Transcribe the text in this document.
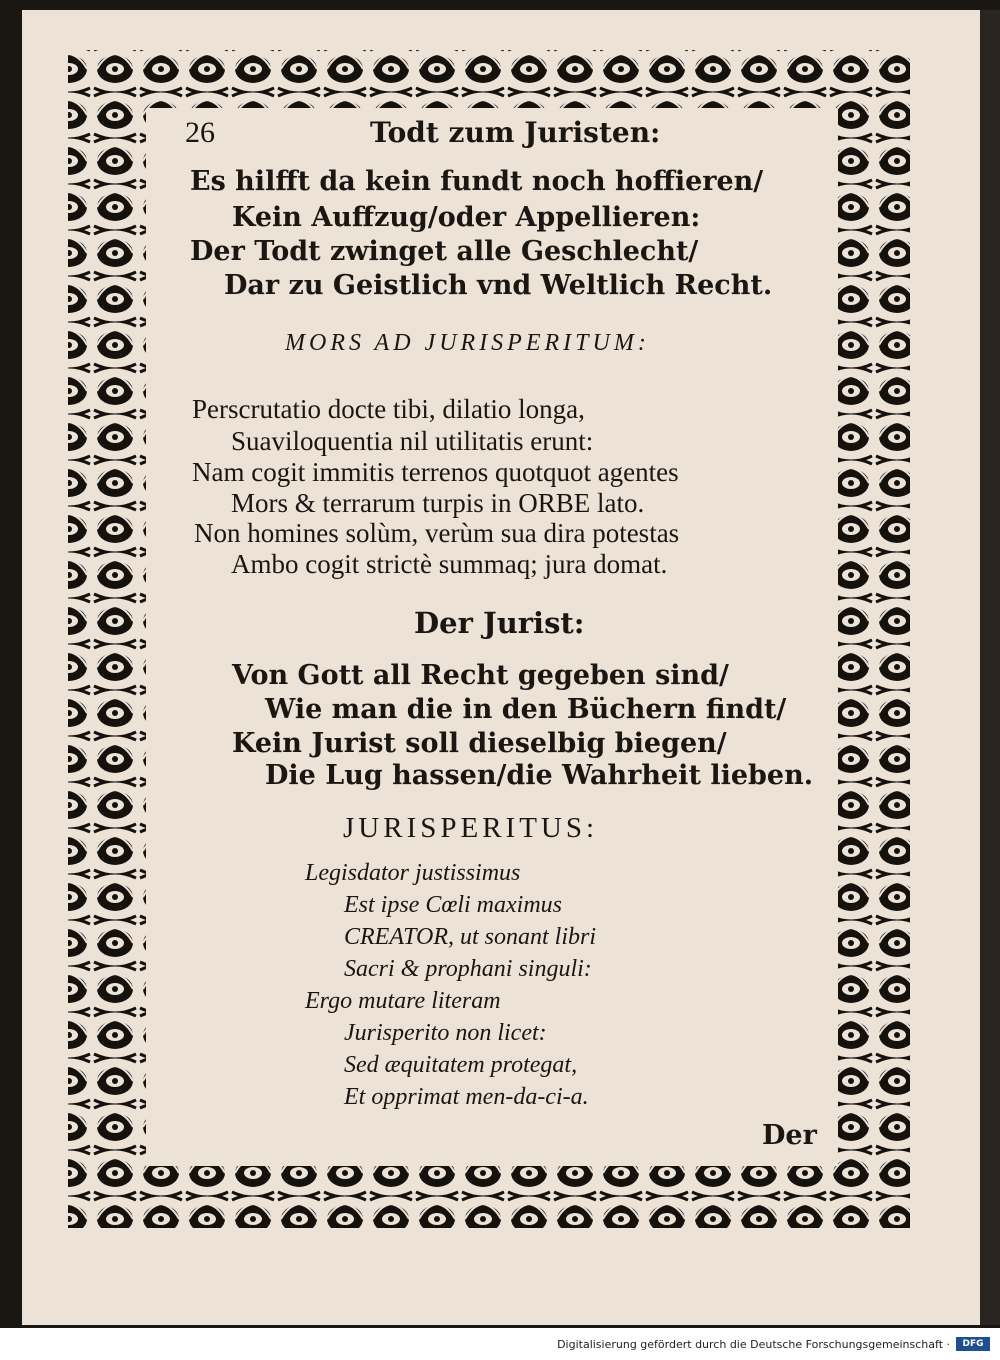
26	Todt zum Juristen:
Es hilfft da kein fundt noch hoffieren/
Kein Auffzug/oder Appellieren:
Der Todt zwinget alle Geschlecht/
Dar zu Geistlich vnd Weltlich Recht.
MORS AD JURISPERITUM:
Perscrutatio docte tibi, dilatio longa,
Suaviloquentia nil utilitatis erunt:
Nam cogit immitis terrenos quotquot agentes
Mors & terrarum turpis in ORBE lato.
Non homines solùm, verùm sua dira potestas
Ambo cogit strictè summaq; jura domat.
Der Jurist:
Von Gott all Recht gegeben sind/
Wie man die in den Büchern findt/
Kein Jurist soll dieselbig biegen/
Die Lug hassen/die Wahrheit lieben.
JURISPERITUS:
Legisdator justissimus
Est ipse Cœli maximus
CREATOR, ut sonant libri
Sacri & prophani singuli:
Ergo mutare literam
Jurisperito non licet:
Sed æquitatem protegat,
Et opprimat men-da-ci-a.
Der
Digitalisierung gefördert durch die Deutsche Forschungsgemeinschaft ·	DFG
